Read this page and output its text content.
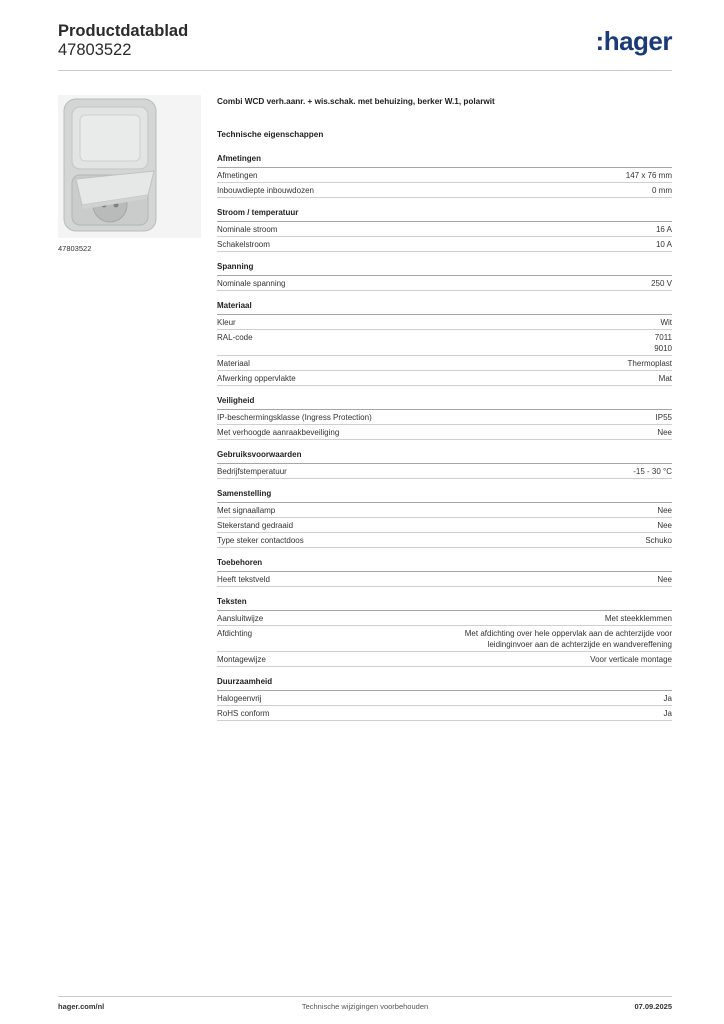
Productdatablad
47803522	:hager
47803522
Combi WCD verh.aanr. + wis.schak. met behuizing, berker W.1, polarwit
Technische eigenschappen
Afmetingen
Afmetingen	147 x 76 mm
Inbouwdiepte inbouwdozen	0 mm
Stroom / temperatuur
Nominale stroom	16 A
Schakelstroom	10 A
Spanning
Nominale spanning	250 V
Materiaal
Kleur	Wit
RAL-code	7011
9010
Materiaal	Thermoplast
Afwerking oppervlakte	Mat
Veiligheid
IP-beschermingsklasse (Ingress Protection)	IP55
Met verhoogde aanraakbeveiliging	Nee
Gebruiksvoorwaarden
Bedrijfstemperatuur	-15 - 30 °C
Samenstelling
Met signaallamp	Nee
Stekerstand gedraaid	Nee
Type steker contactdoos	Schuko
Toebehoren
Heeft tekstveld	Nee
Teksten
Aansluitwijze	Met steekklemmen
Afdichting	Met afdichting over hele oppervlak aan de achterzijde voor
leidinginvoer aan de achterzijde en wandvereffening
Montagewijze	Voor verticale montage
Duurzaamheid
Halogeenvrij	Ja
RoHS conform	Ja
hager.com/nl	Technische wijzigingen voorbehouden	07.09.2025
